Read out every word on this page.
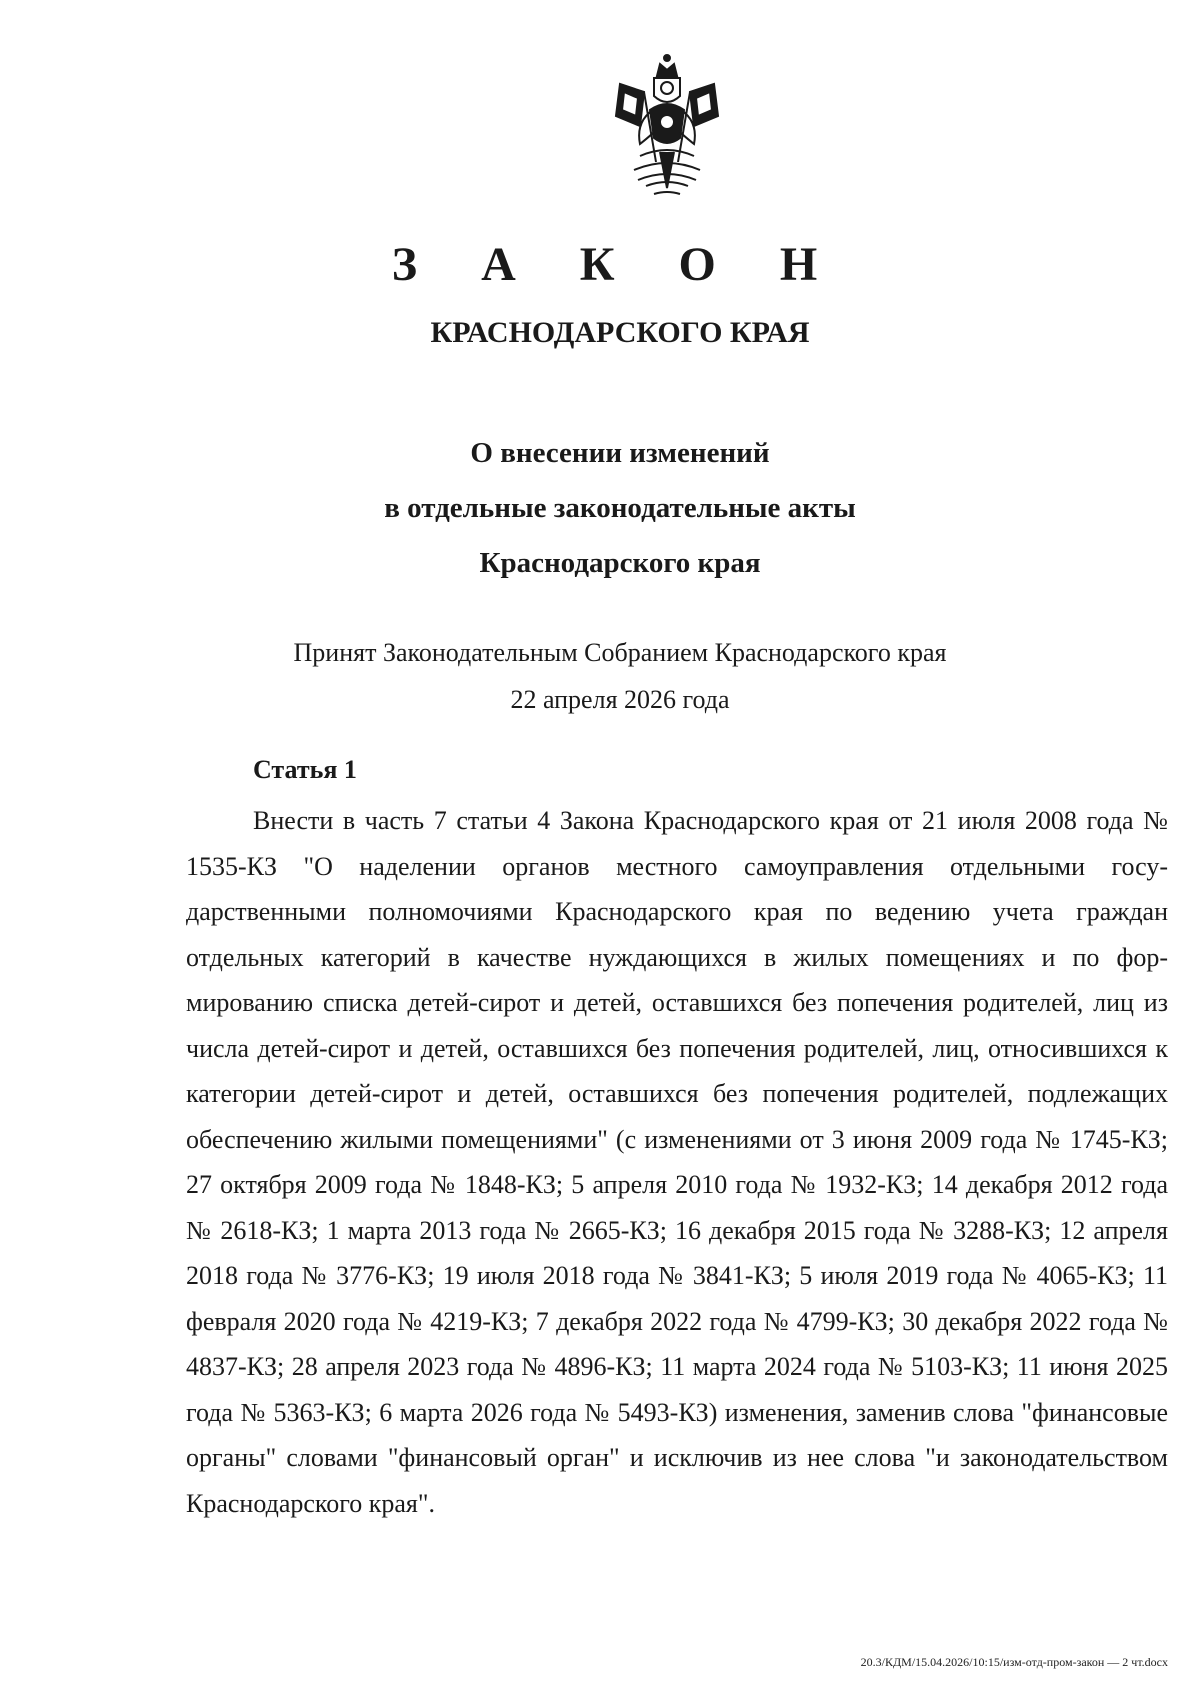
З А К О Н
КРАСНОДАРСКОГО КРАЯ
О внесении изменений
в отдельные законодательные акты
Краснодарского края
Принят Законодательным Собранием Краснодарского края
22 апреля 2026 года
Статья 1

Внести в часть 7 статьи 4 Закона Краснодарского края от 21 июля 2008 года № 1535-КЗ "О наделении органов местного самоуправления отдельными государственными полномочиями Краснодарского края по ведению учета граждан отдельных категорий в качестве нуждающихся в жилых помещениях и по формированию списка детей-сирот и детей, оставшихся без попечения родителей, лиц из числа детей-сирот и детей, оставшихся без попечения родителей, лиц, относившихся к категории детей-сирот и детей, оставшихся без попечения родителей, подлежащих обеспечению жилыми помещениями" (с изменениями от 3 июня 2009 года № 1745-КЗ; 27 октября 2009 года № 1848-КЗ; 5 апреля 2010 года № 1932-КЗ; 14 декабря 2012 года № 2618-КЗ; 1 марта 2013 года № 2665-КЗ; 16 декабря 2015 года № 3288-КЗ; 12 апреля 2018 года № 3776-КЗ; 19 июля 2018 года № 3841-КЗ; 5 июля 2019 года № 4065-КЗ; 11 февраля 2020 года № 4219-КЗ; 7 декабря 2022 года № 4799-КЗ; 30 декабря 2022 года № 4837-КЗ; 28 апреля 2023 года № 4896-КЗ; 11 марта 2024 года № 5103-КЗ; 11 июня 2025 года № 5363-КЗ; 6 марта 2026 года № 5493-КЗ) изменения, заменив слова "финансовые органы" словами "финансовый орган" и исключив из нее слова "и законодательством Краснодарского края".

20.3/КДМ/15.04.2026/10:15/изм-отд-пром-закон — 2 чт.docx
